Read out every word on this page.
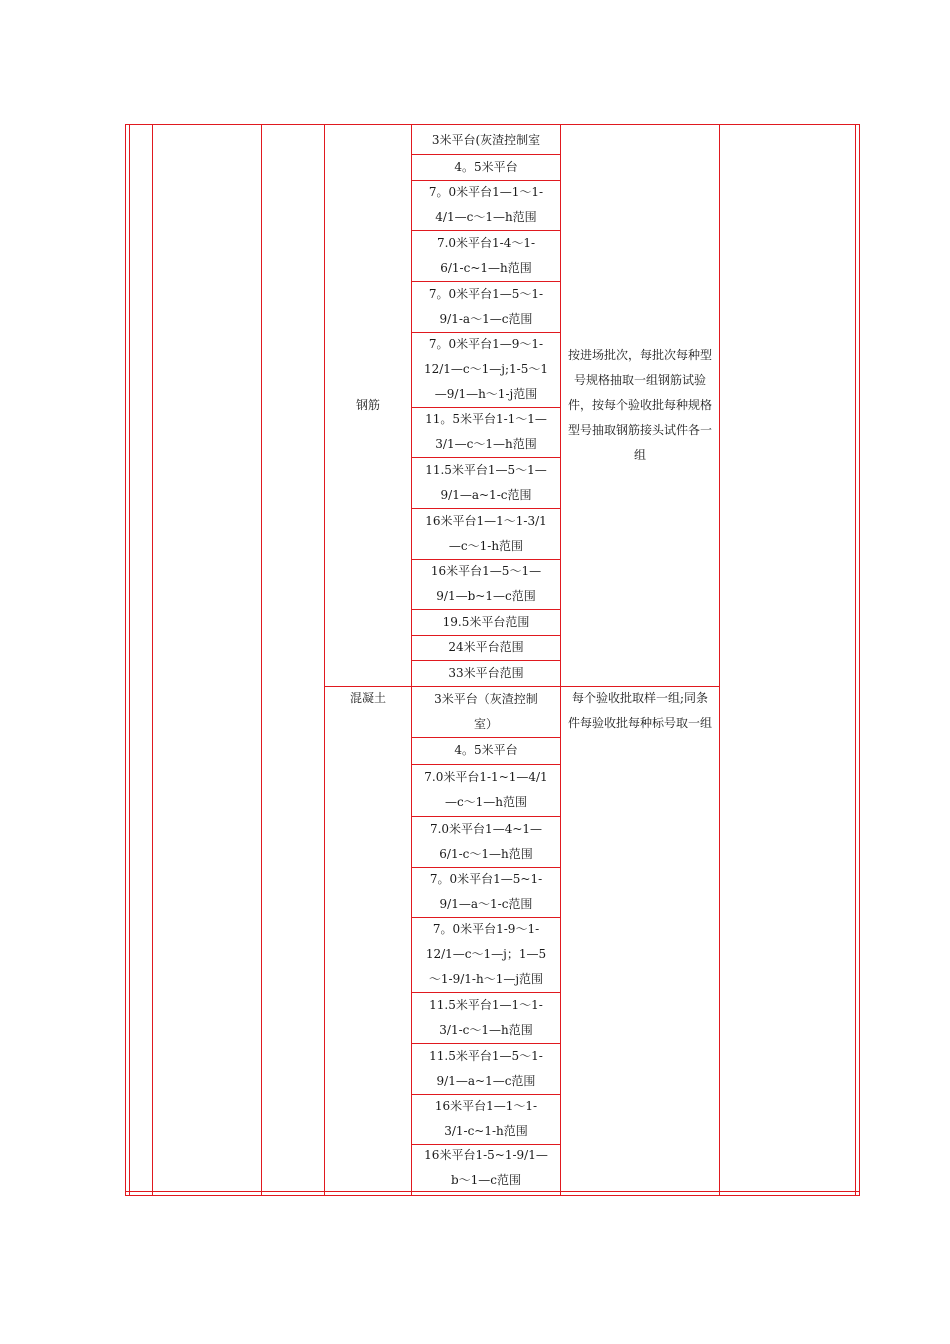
钢筋
按进场批次，每批次每种型号规格抽取一组钢筋试验件，按每个验收批每种规格型号抽取钢筋接头试件各一组
3米平台(灰渣控制室
4。5米平台
7。0米平台1—1～1-
4/1—c～1—h范围
7.0米平台1-4～1-
6/1-c~1—h范围
7。0米平台1—5～1-
9/1-a～1—c范围
7。0米平台1—9～1-
12/1—c～1—j;1-5～1
—9/1—h～1-j范围
11。5米平台1-1～1—
3/1—c～1—h范围
11.5米平台1—5～1—
9/1—a~1-c范围
16米平台1—1～1-3/1
—c～1-h范围
16米平台1—5～1—
9/1—b~1—c范围
19.5米平台范围
24米平台范围
33米平台范围
混凝土	每个验收批取样一组;同条件每验收批每种标号取一组
3米平台（灰渣控制
室）
4。5米平台
7.0米平台1-1~1—4/1
—c～1—h范围
7.0米平台1—4~1—
6/1-c～1—h范围
7。0米平台1—5~1-
9/1—a～1-c范围
7。0米平台1-9～1-
12/1—c～1—j；1—5
～1-9/1-h～1—j范围
11.5米平台1—1～1-
3/1-c～1—h范围
11.5米平台1—5～1-
9/1—a~1—c范围
16米平台1—1～1-
3/1-c~1-h范围
16米平台1-5~1-9/1—
b～1—c范围
